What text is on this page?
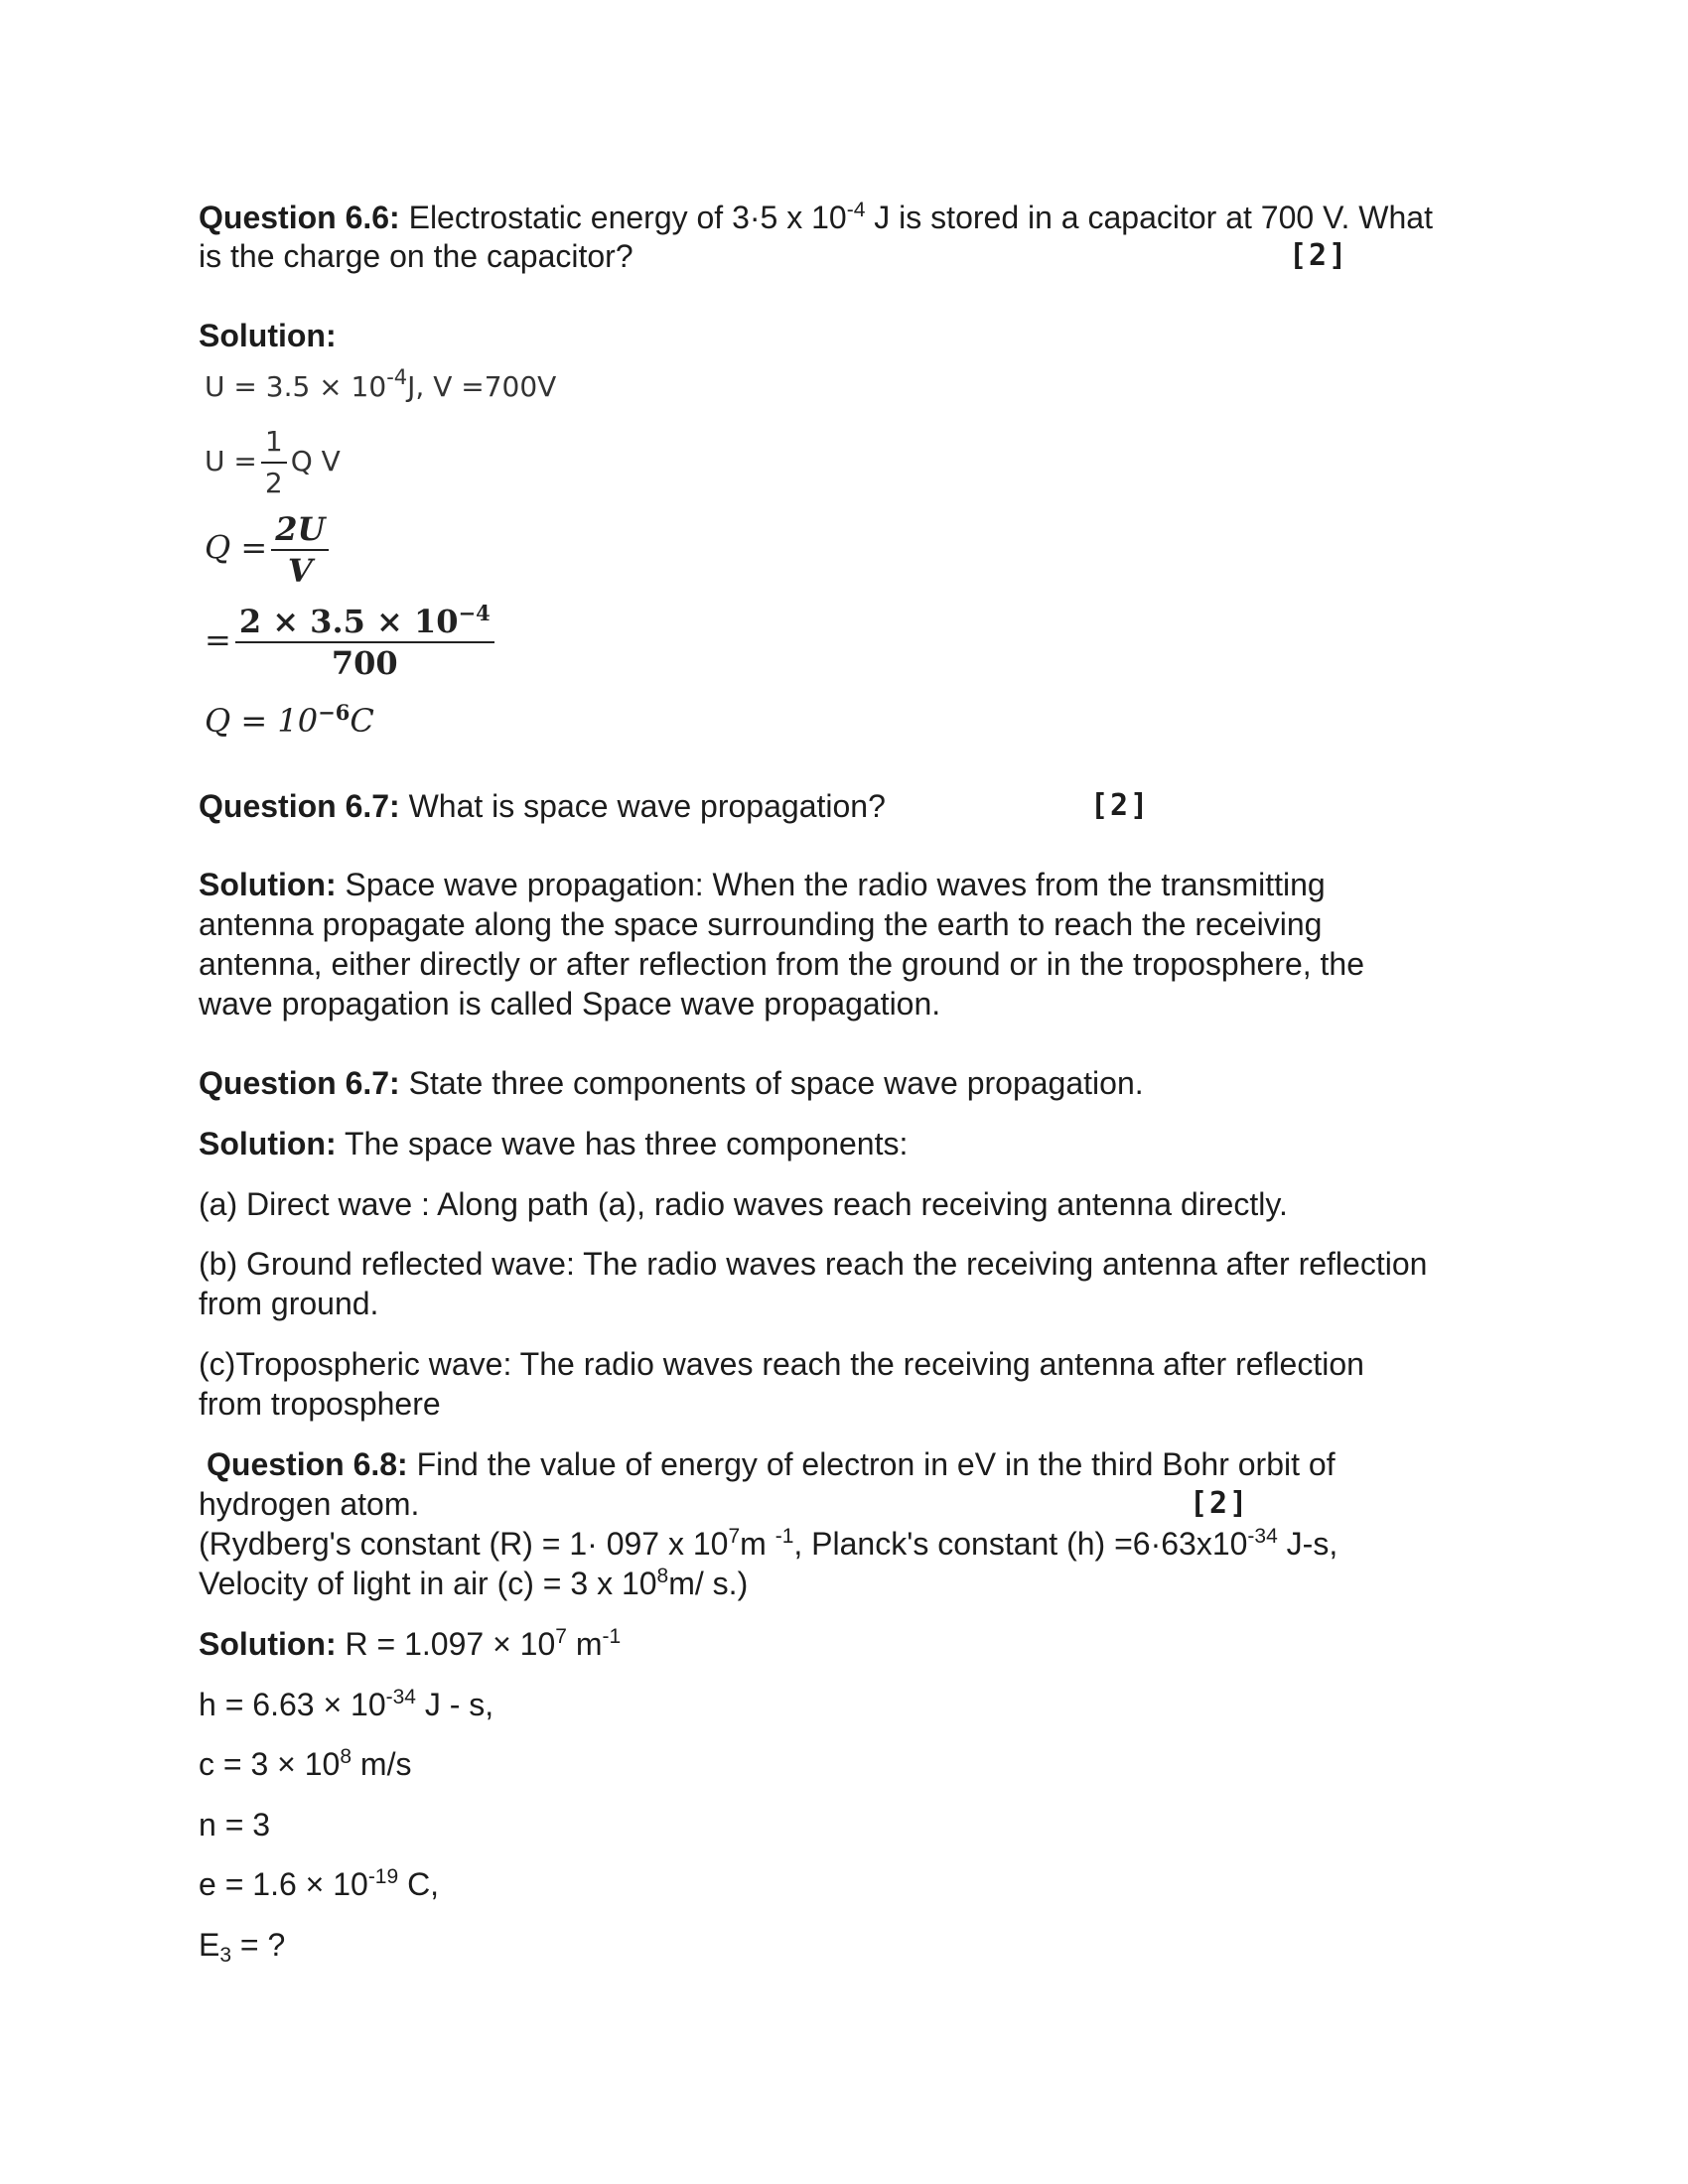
Question 6.6: Electrostatic energy of 3·5 x $10^{-4}$ J is stored in a capacitor at 700 V. What
is the charge on the capacitor?	[2]
Solution:
$U = 3.5 \times 10^{-4}J$, V =700V
$U = \frac{1}{2}$ Q V
$Q = \frac{2U}{V}$
= $\frac{2 \times 3.5 \times 10^{-4}}{700}$
$Q = 10^{-6}C$
Question 6.7: What is space wave propagation?	[2]
Solution: Space wave propagation: When the radio waves from the transmitting
antenna propagate along the space surrounding the earth to reach the receiving
antenna, either directly or after reflection from the ground or in the troposphere, the
wave propagation is called Space wave propagation.
Question 6.7: State three components of space wave propagation.
Solution: The space wave has three components:
(a) Direct wave : Along path (a), radio waves reach receiving antenna directly.
(b) Ground reflected wave: The radio waves reach the receiving antenna after reflection
from ground.
(c)Tropospheric wave: The radio waves reach the receiving antenna after reflection
from troposphere
Question 6.8: Find the value of energy of electron in eV in the third Bohr orbit of
hydrogen atom.	[2]
(Rydberg's constant (R) = 1· 097 x $10^7m$ $^{-1}$, Planck's constant $(h) =6\cdot 63x10^{-34}$ J-s,
Velocity of light in air (c) = 3 x $10^8m/$ s.)
Solution: $R = 1.097 \times 10^7$ $m^{-1}$
$h = 6.63 \times 10^{-34}$ J - s,
$c = 3 \times 10^8$ m/s
n = 3
$e = 1.6 \times 10^{-19}$ C,
$E_3$ = ?
